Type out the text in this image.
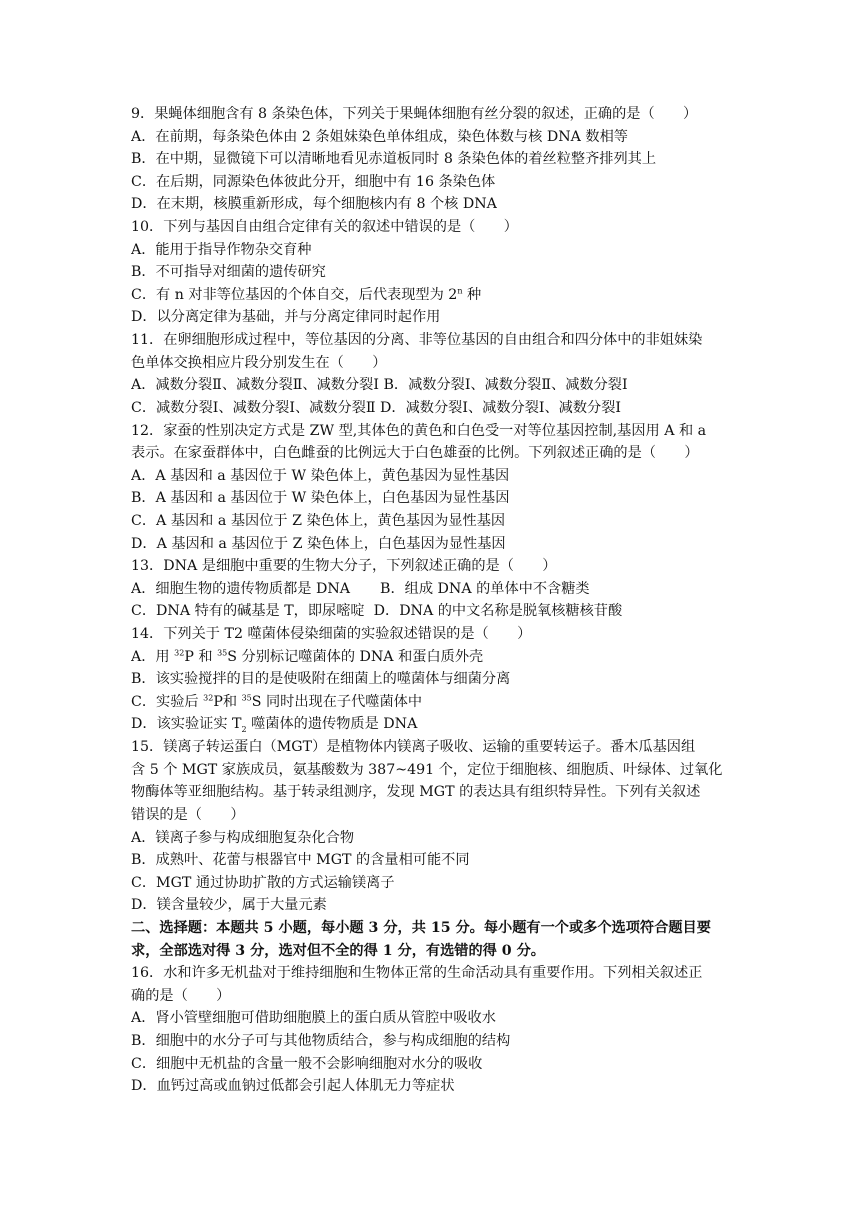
9．果蝇体细胞含有 8 条染色体，下列关于果蝇体细胞有丝分裂的叙述，正确的是（　　）
A．在前期，每条染色体由 2 条姐妹染色单体组成，染色体数与核 DNA 数相等
B．在中期，显微镜下可以清晰地看见赤道板同时 8 条染色体的着丝粒整齐排列其上
C．在后期，同源染色体彼此分开，细胞中有 16 条染色体
D．在末期，核膜重新形成，每个细胞核内有 8 个核 DNA
10．下列与基因自由组合定律有关的叙述中错误的是（　　）
A．能用于指导作物杂交育种
B．不可指导对细菌的遗传研究
C．有 n 对非等位基因的个体自交，后代表现型为 2$^n$ 种
D．以分离定律为基础，并与分离定律同时起作用
11．在卵细胞形成过程中，等位基因的分离、非等位基因的自由组合和四分体中的非姐妹染
色单体交换相应片段分别发生在（　　）
A．减数分裂Ⅱ、减数分裂Ⅱ、减数分裂Ⅰ B．减数分裂Ⅰ、减数分裂Ⅱ、减数分裂Ⅰ
C．减数分裂Ⅰ、减数分裂Ⅰ、减数分裂Ⅱ D．减数分裂Ⅰ、减数分裂Ⅰ、减数分裂Ⅰ
12．家蚕的性别决定方式是 ZW 型,其体色的黄色和白色受一对等位基因控制,基因用 A 和 a
表示。在家蚕群体中，白色雌蚕的比例远大于白色雄蚕的比例。下列叙述正确的是（　　）
A．A 基因和 a 基因位于 W 染色体上，黄色基因为显性基因
B．A 基因和 a 基因位于 W 染色体上，白色基因为显性基因
C．A 基因和 a 基因位于 Z 染色体上，黄色基因为显性基因
D．A 基因和 a 基因位于 Z 染色体上，白色基因为显性基因
13．DNA 是细胞中重要的生物大分子，下列叙述正确的是（　　）
A．细胞生物的遗传物质都是 DNA B．组成 DNA 的单体中不含糖类
C．DNA 特有的碱基是 T，即尿嘧啶 D．DNA 的中文名称是脱氧核糖核苷酸
14．下列关于 T2 噬菌体侵染细菌的实验叙述错误的是（　　）
A．用 $^{32}$P 和 $^{35}$S 分别标记噬菌体的 DNA 和蛋白质外壳
B．该实验搅拌的目的是使吸附在细菌上的噬菌体与细菌分离
C．实验后 $^{32}$P和 $^{35}$S 同时出现在子代噬菌体中
D．该实验证实 $T_2$ 噬菌体的遗传物质是 DNA
15．镁离子转运蛋白（MGT）是植物体内镁离子吸收、运输的重要转运子。番木瓜基因组
含 5 个 MGT 家族成员，氨基酸数为 387~491 个，定位于细胞核、细胞质、叶绿体、过氧化
物酶体等亚细胞结构。基于转录组测序，发现 MGT 的表达具有组织特异性。下列有关叙述
错误的是（　　）
A．镁离子参与构成细胞复杂化合物
B．成熟叶、花蕾与根器官中 MGT 的含量相可能不同
C．MGT 通过协助扩散的方式运输镁离子
D．镁含量较少，属于大量元素
二、选择题：本题共 5 小题，每小题 3 分，共 15 分。每小题有一个或多个选项符合题目要
求，全部选对得 3 分，选对但不全的得 1 分，有选错的得 0 分。
16．水和许多无机盐对于维持细胞和生物体正常的生命活动具有重要作用。下列相关叙述正
确的是（　　）
A．肾小管壁细胞可借助细胞膜上的蛋白质从管腔中吸收水
B．细胞中的水分子可与其他物质结合，参与构成细胞的结构
C．细胞中无机盐的含量一般不会影响细胞对水分的吸收
D．血钙过高或血钠过低都会引起人体肌无力等症状
